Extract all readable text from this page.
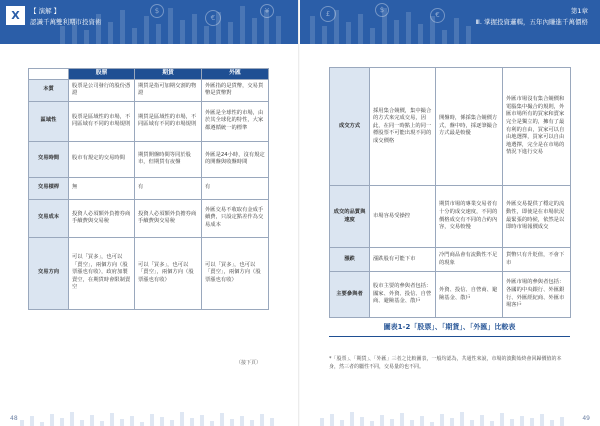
$
€
¥
Ⅹ	【 演解 】
認識千萬雙利期市投資術
	股票	期貨	外匯
本質	股票是公司發行的股份憑證	期貨是指可加期交割的物證	外匯指的是貨幣，交易貨幣是貨幣對
區域性	股票是區域性的市場，不同區域有不同的市場規則	期貨是區域性的市場，不同區域有不同的市場規則	外匯是全球性的市場，由於其全球化的特性，大家都遵循統一的標準
交易時間	股市有規定的交易時間	期貨開盤時間等同於股市，但期貨有夜盤	外匯是24小時，沒有規定的開盤與收盤時間
交易槓桿	無	有	有
交易成本	投資人必須額外負擔券商手續費與交易稅	投資人必須額外負擔券商手續費與交易稅	外匯交易不收取有金成手續費，只設定點差作為交易成本
交易方向	可以「買多」，也可以「賣空」，兩個方向（股票漲也有收），政府加製賣空，在期貨時會限制賣空	可以「買多」，也可以「賣空」，兩個方向（股票漲也有收）	可以「買多」，也可以「賣空」，兩個方向（股票漲也有收）
（接下頁）
48
£	$
€	第1章
Ⅲ. 掌握投資邏輯，五年內賺進千萬價格
成交方式	採用集合競價，集中撮合的方式來完成交易，因此，在同一時點上的同一標股票不可能出現不同的成交價格	開盤時，係採集合競價方式，盤中時，採逐筆撮合方式最是較優	外匯市場沒有集合競價和電腦集中撮合的規則，外匯市場所有的買家和賣家完全是獨立的，擁有了最有利的自由，買家可以自由地選擇，買家可以自由地選擇，完全是在市場的情況下進行交易
成交的品質與速度	市場容易受操控	期貨市場的專業交易者有十分的成交速度，不同的價格成交有不同的合約內容，交易較慢	外匯交易提供了穩定的流動性，即使是在市場狀況最緊張的時候，依然是以即時市場報價成交
漲跌	漲跌股有可能下市	冷門商品會有流動性不足的現象	貨幣只有升貶值，不會下市
主要參與者	股市主要的參與者包括：國家、外資、投信、自營商、避險基金、散戶	外資、投信、自營商、避險基金、散戶	外匯市場的參與者包括：各國的中央銀行、外匯銀行、外匯經紀商、外匯市場客戶
圖表1-2「股票」、「期貨」、「外匯」比較表
*「股票」、「期貨」、「外匯」三者之比較圖表，一般均認為，共通性來說，市場的波動始終會回歸價值的本身，然三者的屬性不同，交易量的也不同。
49
